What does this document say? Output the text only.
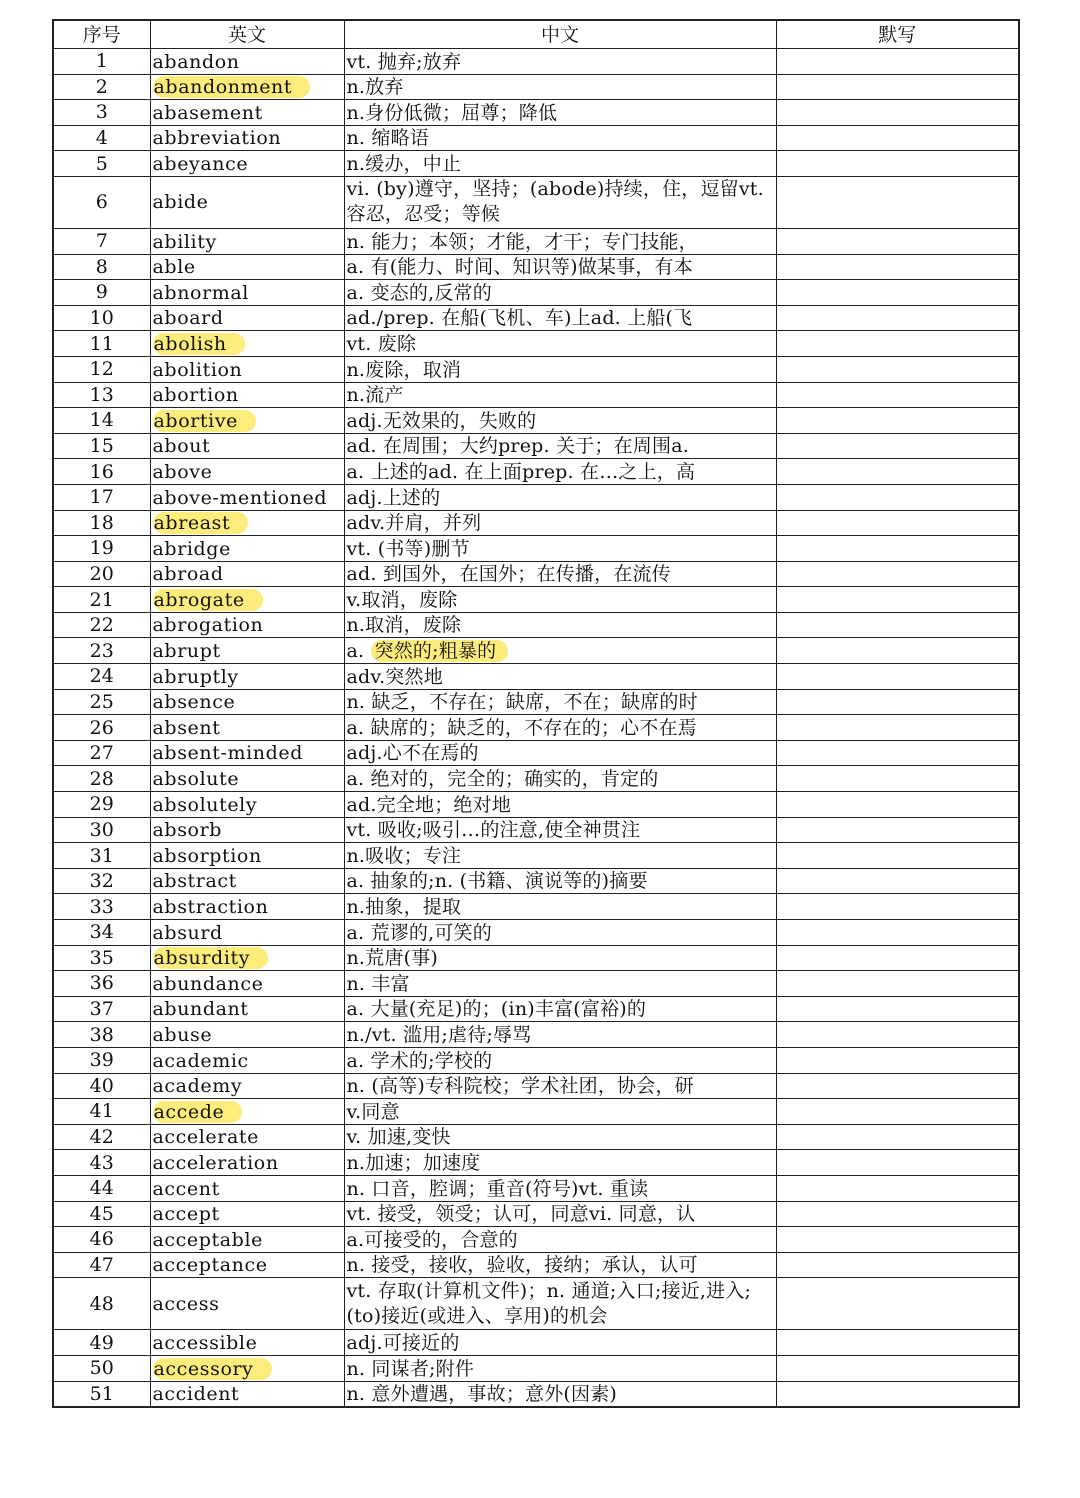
序号	英文	中文	默写
1	abandon	vt. 抛弃;放弃	
2	abandonment	n.放弃	
3	abasement	n.身份低微；屈尊；降低	
4	abbreviation	n. 缩略语	
5	abeyance	n.缓办，中止	
6	abide	vi. (by)遵守，坚持；(abode)持续，住，逗留vt. 容忍，忍受；等候	
7	ability	n. 能力；本领；才能，才干；专门技能，	
8	able	a. 有(能力、时间、知识等)做某事，有本	
9	abnormal	a. 变态的,反常的	
10	aboard	ad./prep. 在船(飞机、车)上ad. 上船(飞	
11	abolish	vt. 废除	
12	abolition	n.废除，取消	
13	abortion	n.流产	
14	abortive	adj.无效果的，失败的	
15	about	ad. 在周围；大约prep. 关于；在周围a.	
16	above	a. 上述的ad. 在上面prep. 在…之上，高	
17	above-mentioned	adj.上述的	
18	abreast	adv.并肩，并列	
19	abridge	vt. (书等)删节	
20	abroad	ad. 到国外，在国外；在传播，在流传	
21	abrogate	v.取消，废除	
22	abrogation	n.取消，废除	
23	abrupt	a. 突然的;粗暴的	
24	abruptly	adv.突然地	
25	absence	n. 缺乏，不存在；缺席，不在；缺席的时	
26	absent	a. 缺席的；缺乏的，不存在的；心不在焉	
27	absent-minded	adj.心不在焉的	
28	absolute	a. 绝对的，完全的；确实的，肯定的	
29	absolutely	ad.完全地；绝对地	
30	absorb	vt. 吸收;吸引…的注意,使全神贯注	
31	absorption	n.吸收；专注	
32	abstract	a. 抽象的;n. (书籍、演说等的)摘要	
33	abstraction	n.抽象，提取	
34	absurd	a. 荒谬的,可笑的	
35	absurdity	n.荒唐(事)	
36	abundance	n. 丰富	
37	abundant	a. 大量(充足)的；(in)丰富(富裕)的	
38	abuse	n./vt. 滥用;虐待;辱骂	
39	academic	a. 学术的;学校的	
40	academy	n. (高等)专科院校；学术社团，协会，研	
41	accede	v.同意	
42	accelerate	v. 加速,变快	
43	acceleration	n.加速；加速度	
44	accent	n. 口音，腔调；重音(符号)vt. 重读	
45	accept	vt. 接受，领受；认可，同意vi. 同意，认	
46	acceptable	a.可接受的，合意的	
47	acceptance	n. 接受，接收，验收，接纳；承认，认可	
48	access	vt. 存取(计算机文件)；n. 通道;入口;接近,进入;(to)接近(或进入、享用)的机会	
49	accessible	adj.可接近的	
50	accessory	n. 同谋者;附件	
51	accident	n. 意外遭遇，事故；意外(因素)	
